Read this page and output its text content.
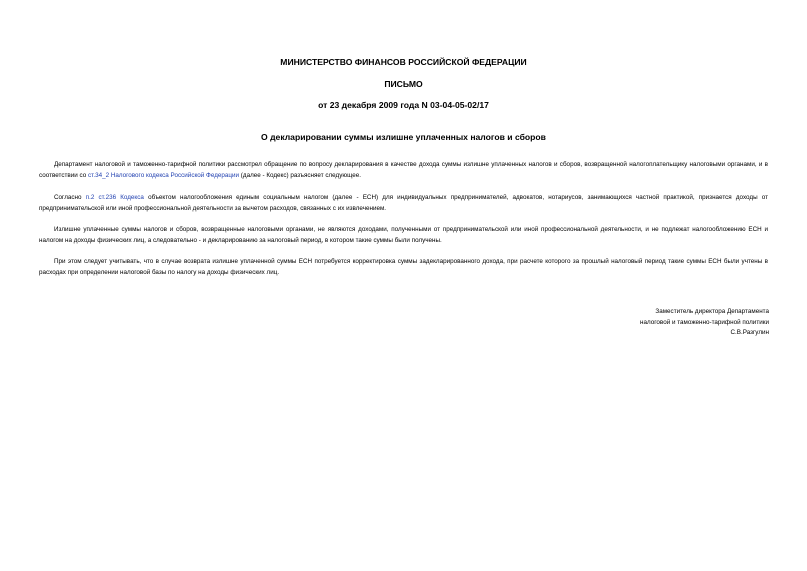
МИНИСТЕРСТВО ФИНАНСОВ РОССИЙСКОЙ ФЕДЕРАЦИИ
ПИСЬМО
от 23 декабря 2009 года N 03-04-05-02/17
О декларировании суммы излишне уплаченных налогов и сборов

Департамент налоговой и таможенно-тарифной политики рассмотрел обращение по вопросу декларирования в качестве дохода суммы излишне уплаченных налогов и сборов, возвращенной налогоплательщику налоговыми органами, и в соответствии со ст.34_2 Налогового кодекса Российской Федерации (далее - Кодекс) разъясняет следующее.

Согласно п.2 ст.236 Кодекса объектом налогообложения единым социальным налогом (далее - ЕСН) для индивидуальных предпринимателей, адвокатов, нотариусов, занимающихся частной практикой, признается доходы от предпринимательской или иной профессиональной деятельности за вычетом расходов, связанных с их извлечением.

Излишне уплаченные суммы налогов и сборов, возвращенные налоговыми органами, не являются доходами, полученными от предпринимательской или иной профессиональной деятельности, и не подлежат налогообложению ЕСН и налогом на доходы физических лиц, а следовательно - и декларированию за налоговый период, в котором такие суммы были получены.

При этом следует учитывать, что в случае возврата излишне уплаченной суммы ЕСН потребуется корректировка суммы задекларированного дохода, при расчете которого за прошлый налоговый период такие суммы ЕСН были учтены в расходах при определении налоговой базы по налогу на доходы физических лиц.

Заместитель директора Департамента
налоговой и таможенно-тарифной политики
С.В.Разгулин
